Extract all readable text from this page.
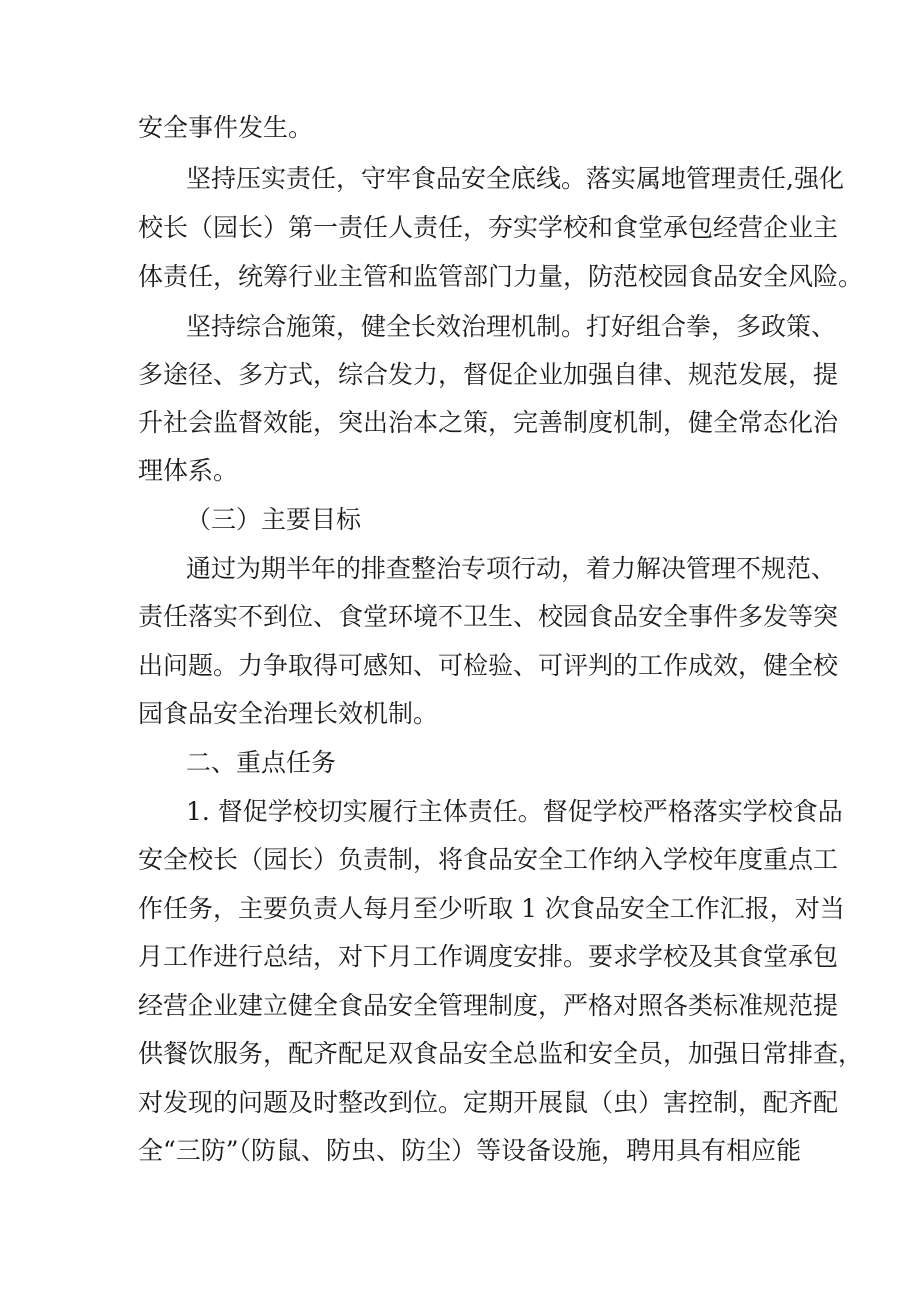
安全事件发生。
坚持压实责任，守牢食品安全底线。落实属地管理责任,强化
校长（园长）第一责任人责任，夯实学校和食堂承包经营企业主
体责任，统筹行业主管和监管部门力量，防范校园食品安全风险。
坚持综合施策，健全长效治理机制。打好组合拳，多政策、
多途径、多方式，综合发力，督促企业加强自律、规范发展，提
升社会监督效能，突出治本之策，完善制度机制，健全常态化治
理体系。
（三）主要目标
通过为期半年的排查整治专项行动，着力解决管理不规范、
责任落实不到位、食堂环境不卫生、校园食品安全事件多发等突
出问题。力争取得可感知、可检验、可评判的工作成效，健全校
园食品安全治理长效机制。
二、重点任务
1. 督促学校切实履行主体责任。督促学校严格落实学校食品
安全校长（园长）负责制，将食品安全工作纳入学校年度重点工
作任务，主要负责人每月至少听取 1 次食品安全工作汇报，对当
月工作进行总结，对下月工作调度安排。要求学校及其食堂承包
经营企业建立健全食品安全管理制度，严格对照各类标准规范提
供餐饮服务，配齐配足双食品安全总监和安全员，加强日常排查，
对发现的问题及时整改到位。定期开展鼠（虫）害控制，配齐配
全“三防”（防鼠、防虫、防尘）等设备设施，聘用具有相应能
